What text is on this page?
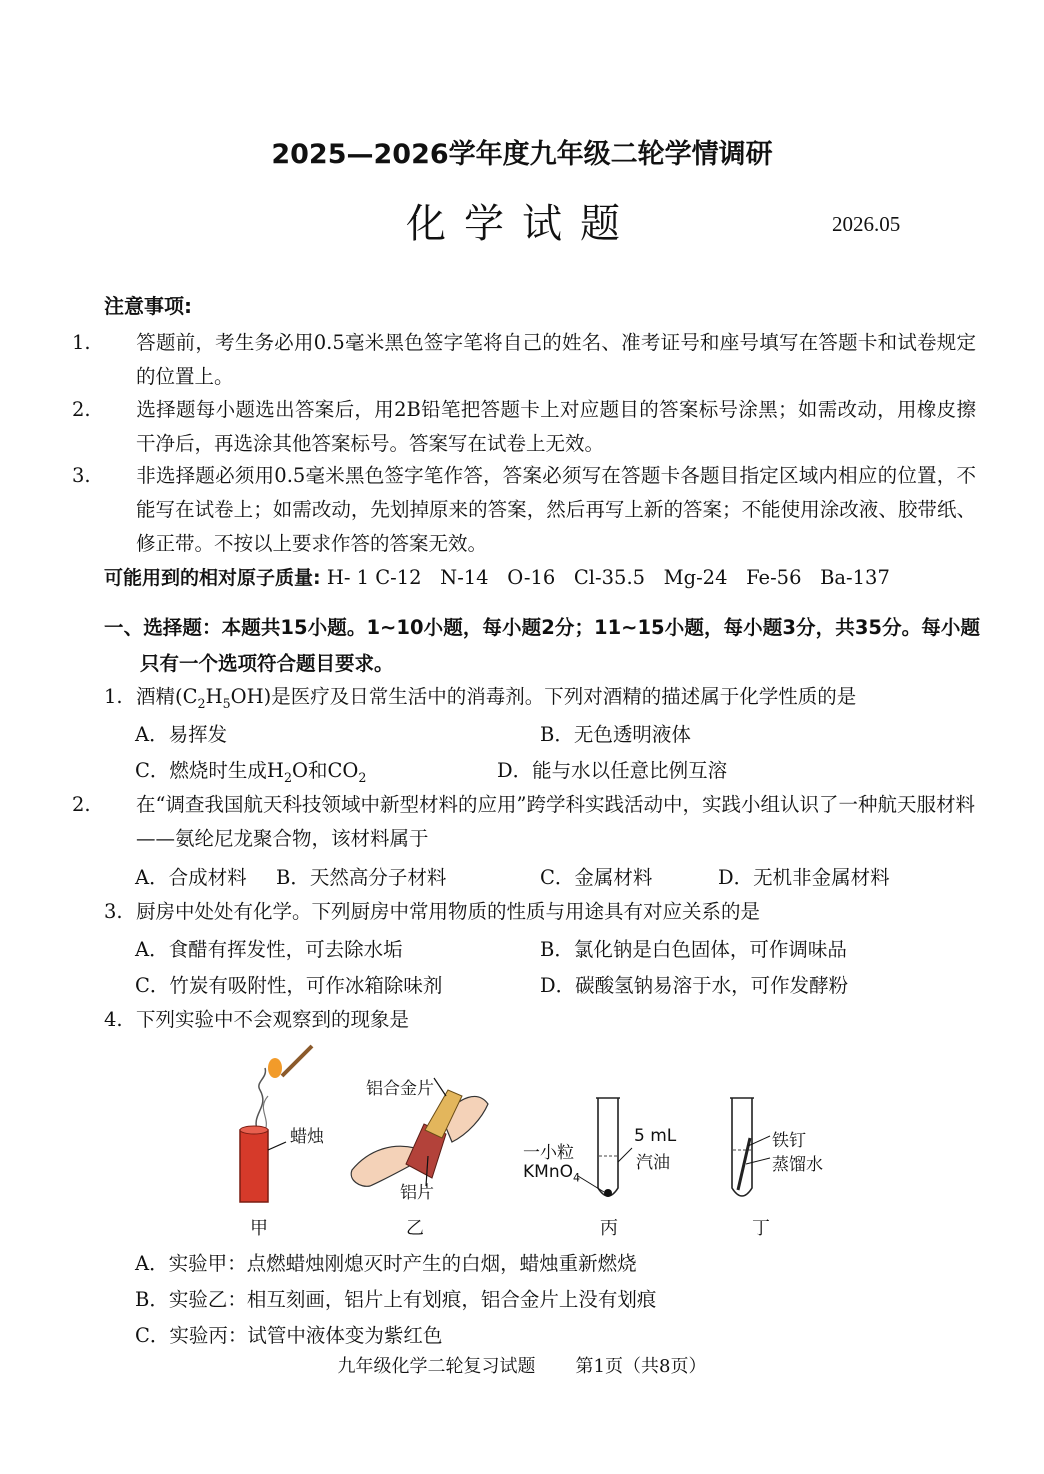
2025—2026学年度九年级二轮学情调研
化学试题	2026.05
注意事项:
1. 答题前，考生务必用0.5毫米黑色签字笔将自己的姓名、准考证号和座号填写在答题卡和试卷规定的位置上。
2. 选择题每小题选出答案后，用2B铅笔把答题卡上对应题目的答案标号涂黑；如需改动，用橡皮擦干净后，再选涂其他答案标号。答案写在试卷上无效。
3. 非选择题必须用0.5毫米黑色签字笔作答，答案必须写在答题卡各题目指定区域内相应的位置，不能写在试卷上；如需改动，先划掉原来的答案，然后再写上新的答案；不能使用涂改液、胶带纸、修正带。不按以上要求作答的答案无效。
可能用到的相对原子质量: H- 1 C-12   N-14   O-16   Cl-35.5   Mg-24   Fe-56   Ba-137
一、选择题：本题共15小题。1~10小题，每小题2分；11~15小题，每小题3分，共35分。每小题只有一个选项符合题目要求。
1. 酒精$(C_2H_5OH)$是医疗及日常生活中的消毒剂。下列对酒精的描述属于化学性质的是
A．易挥发	B．无色透明液体
C．燃烧时生成$H_2O$和$CO_2$	D．能与水以任意比例互溶
2. 在“调查我国航天科技领域中新型材料的应用”跨学科实践活动中，实践小组认识了一种航天服材料——氨纶尼龙聚合物，该材料属于
A．合成材料 B．天然高分子材料	C．金属材料	D．无机非金属材料
3. 厨房中处处有化学。下列厨房中常用物质的性质与用途具有对应关系的是
A．食醋有挥发性，可去除水垢	B．氯化钠是白色固体，可作调味品
C．竹炭有吸附性，可作冰箱除味剂	D．碳酸氢钠易溶于水，可作发酵粉
4. 下列实验中不会观察到的现象是
蜡烛
铝合金片
铝片
一小粒
KMnO$_4$
5 mL
汽油
铁钉
蒸馏水
甲	乙	丙	丁
A．实验甲：点燃蜡烛刚熄灭时产生的白烟，蜡烛重新燃烧
B．实验乙：相互刻画，铝片上有划痕，铝合金片上没有划痕
C．实验丙：试管中液体变为紫红色
九年级化学二轮复习试题 第1页（共8页）
